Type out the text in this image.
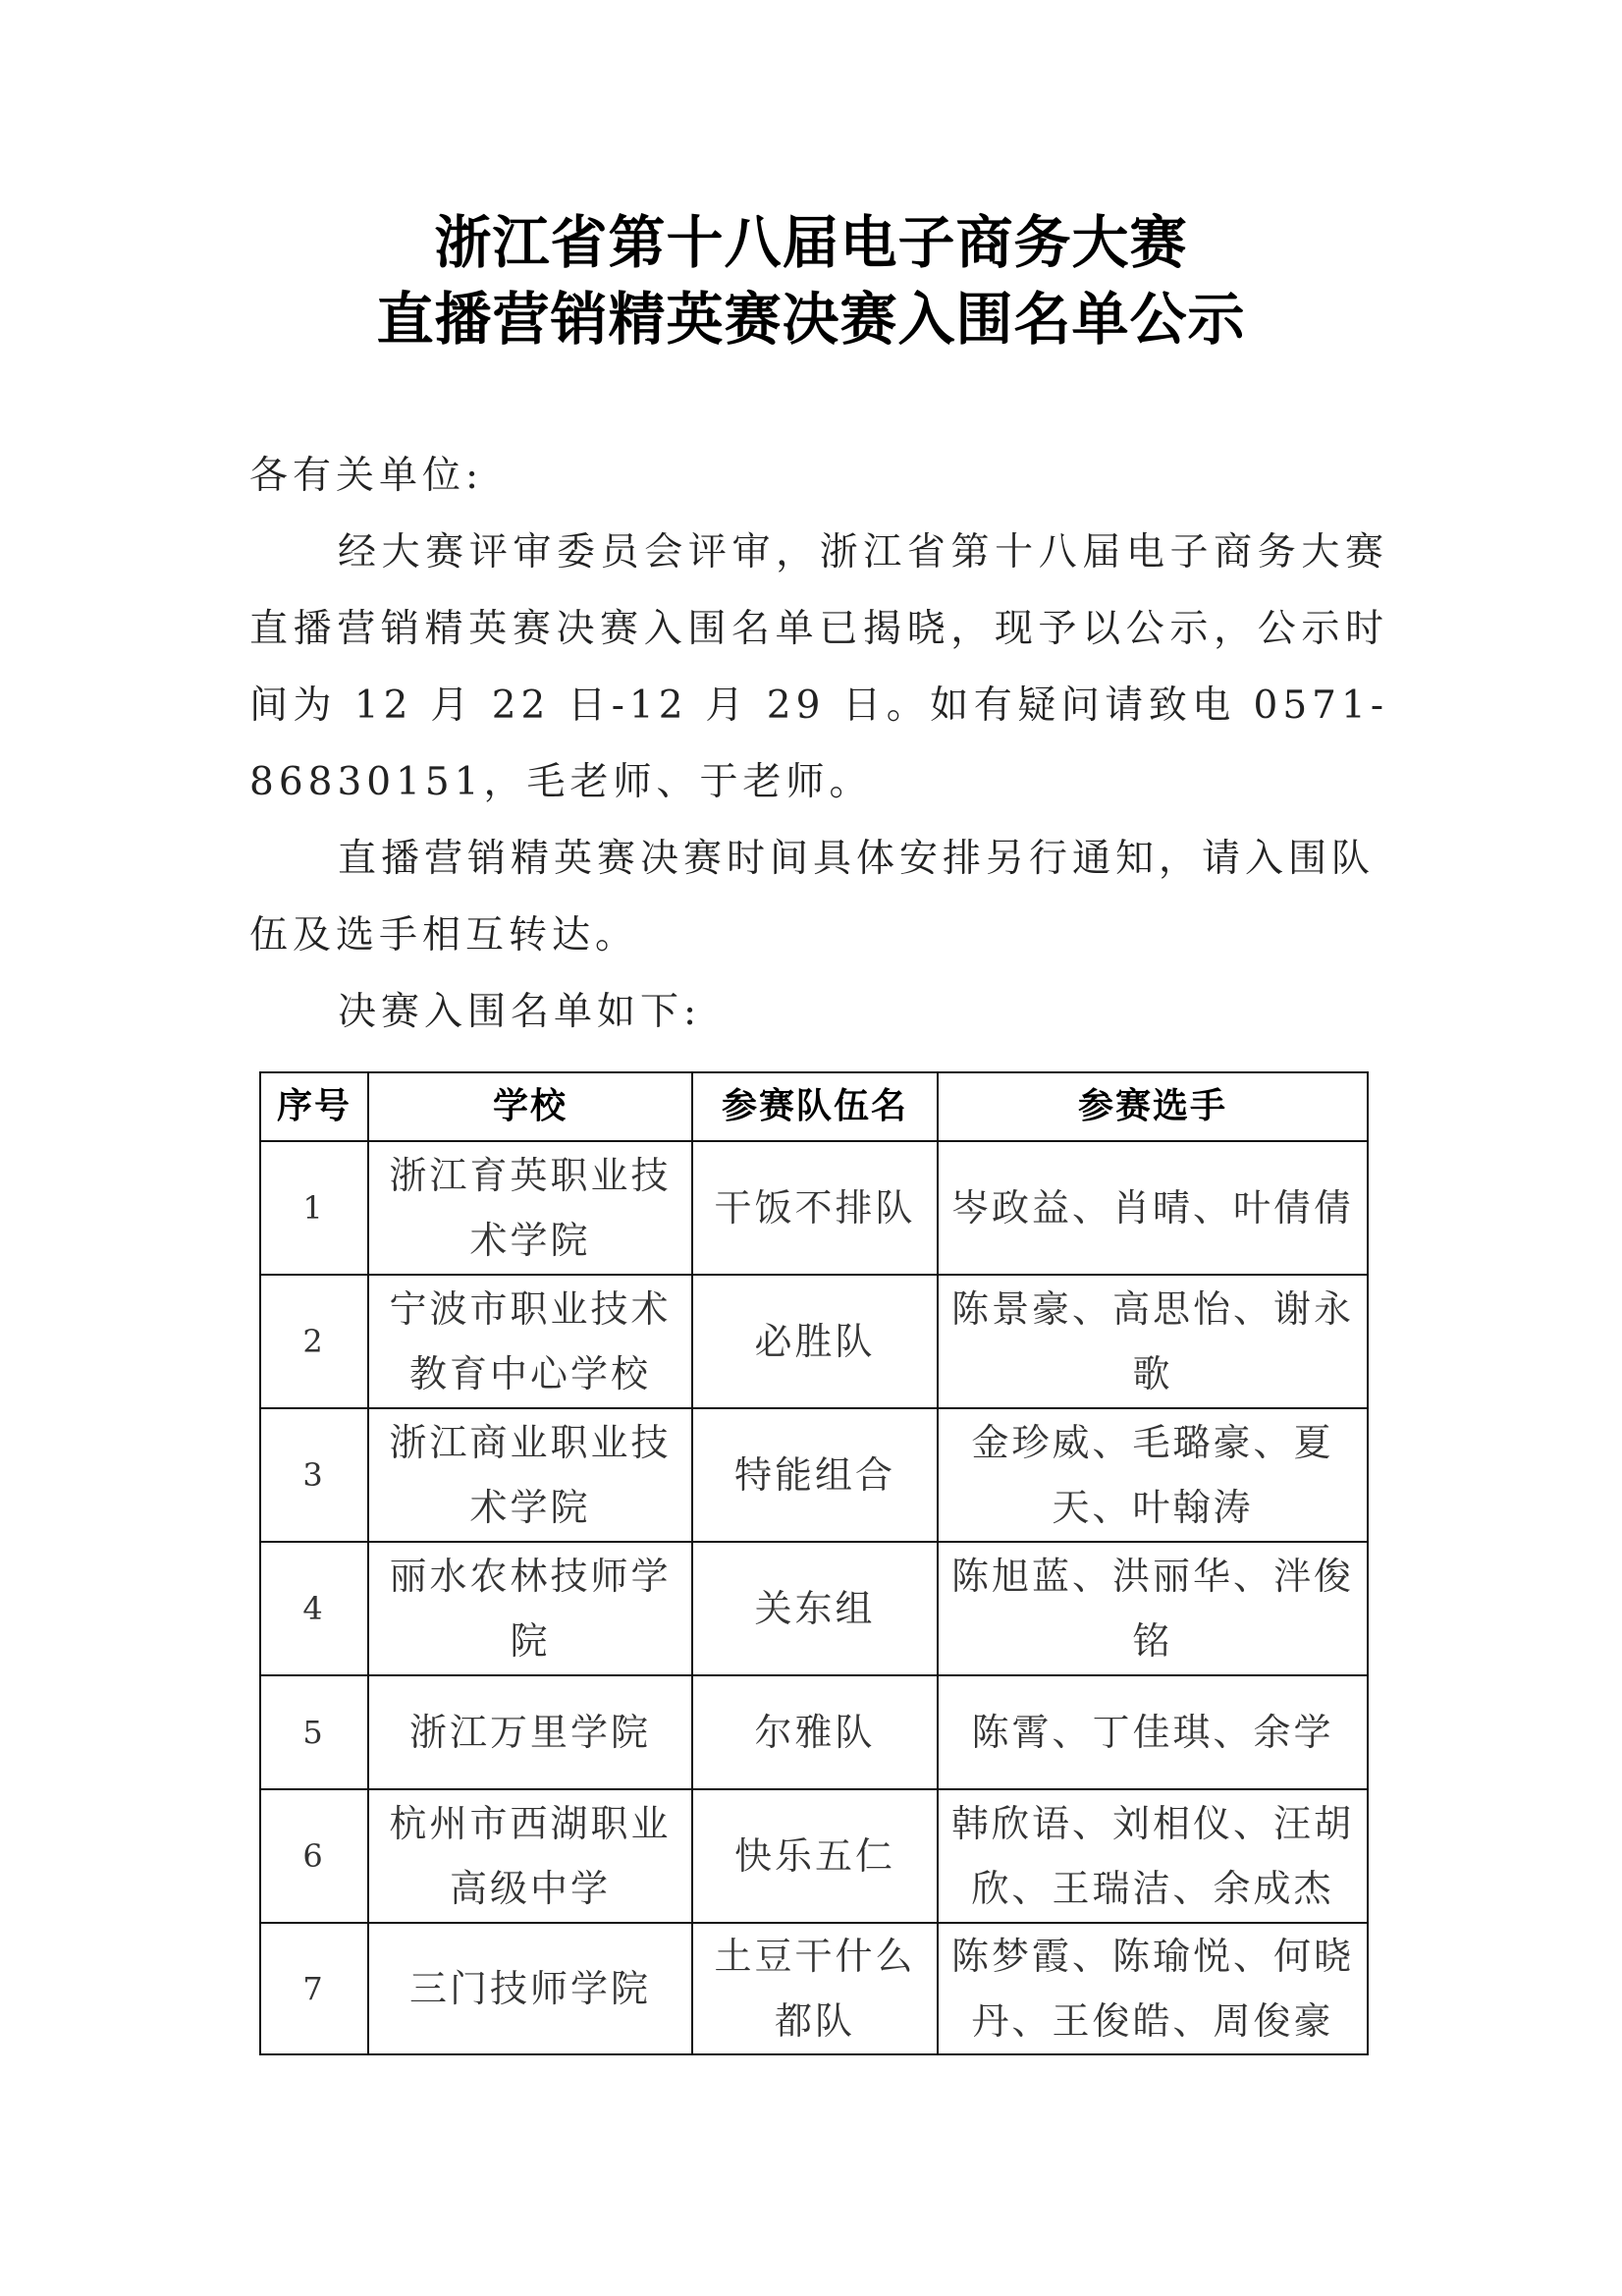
浙江省第十八届电子商务大赛
直播营销精英赛决赛入围名单公示
各有关单位:
经大赛评审委员会评审，浙江省第十八届电子商务大赛直播营销精英赛决赛入围名单已揭晓，现予以公示，公示时间为 12 月 22 日-12 月 29 日。如有疑问请致电 0571-86830151，毛老师、于老师。
直播营销精英赛决赛时间具体安排另行通知，请入围队伍及选手相互转达。
决赛入围名单如下:
序号	学校	参赛队伍名	参赛选手
1	浙江育英职业技术学院	干饭不排队	岑政益、肖晴、叶倩倩
2	宁波市职业技术教育中心学校	必胜队	陈景豪、高思怡、谢永歌
3	浙江商业职业技术学院	特能组合	金珍威、毛璐豪、夏天、叶翰涛
4	丽水农林技师学院	关东组	陈旭蓝、洪丽华、泮俊铭
5	浙江万里学院	尔雅队	陈霄、丁佳琪、余学
6	杭州市西湖职业高级中学	快乐五仁	韩欣语、刘相仪、汪胡欣、王瑞洁、余成杰
7	三门技师学院	土豆干什么都队	陈梦霞、陈瑜悦、何晓丹、王俊皓、周俊豪
